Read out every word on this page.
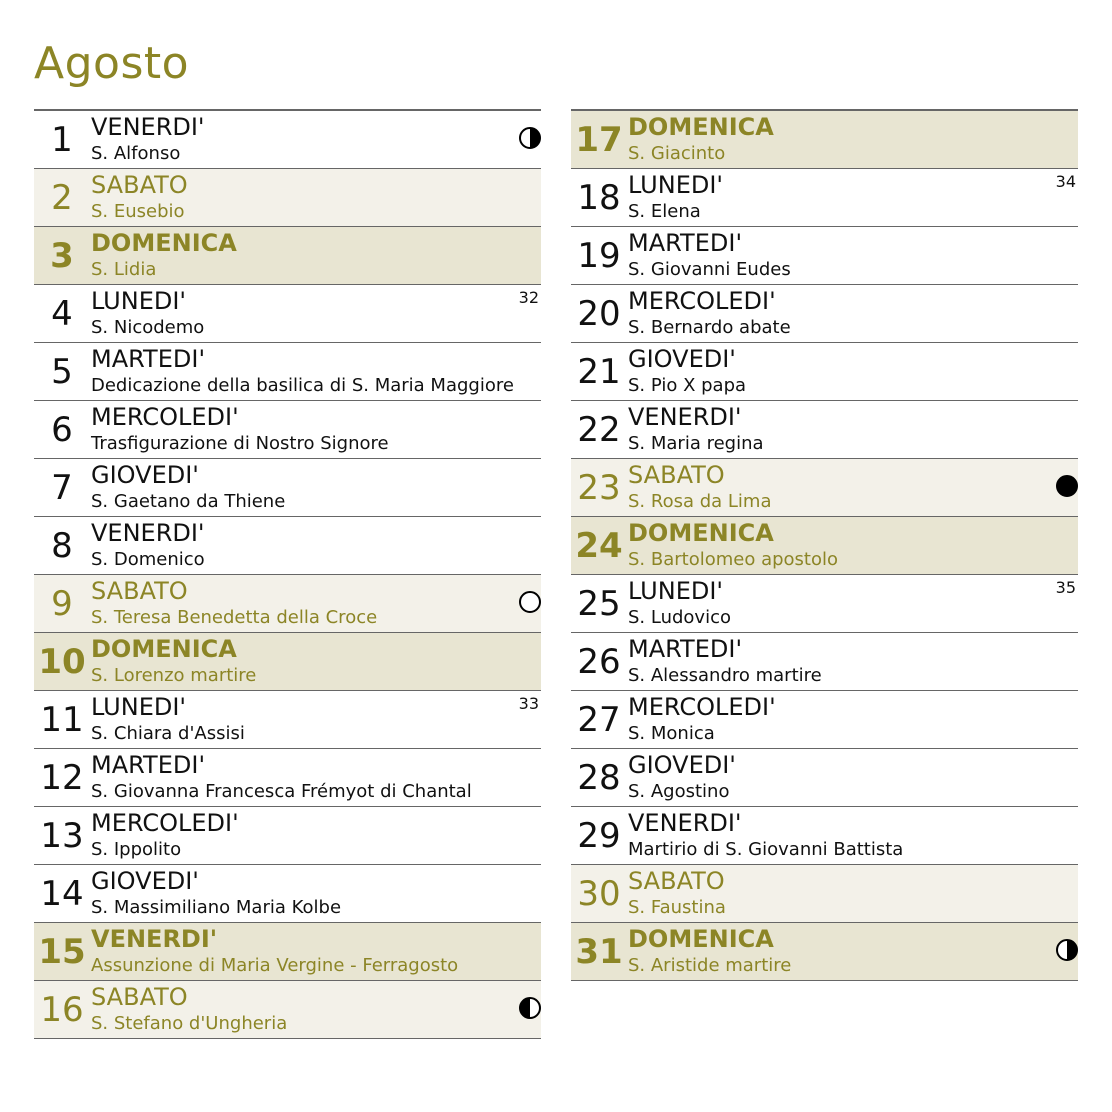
Agosto
1 VENERDI'
S. Alfonso
2 SABATO
S. Eusebio
3 DOMENICA
S. Lidia
4 LUNEDI'
S. Nicodemo
32
5 MARTEDI'
Dedicazione della basilica di S. Maria Maggiore
6 MERCOLEDI'
Trasfigurazione di Nostro Signore
7 GIOVEDI'
S. Gaetano da Thiene
8 VENERDI'
S. Domenico
9 SABATO
S. Teresa Benedetta della Croce
10 DOMENICA
S. Lorenzo martire
11 LUNEDI'
S. Chiara d'Assisi
33
12 MARTEDI'
S. Giovanna Francesca Frémyot di Chantal
13 MERCOLEDI'
S. Ippolito
14 GIOVEDI'
S. Massimiliano Maria Kolbe
15 VENERDI'
Assunzione di Maria Vergine - Ferragosto
16 SABATO
S. Stefano d'Ungheria
17 DOMENICA
S. Giacinto
18 LUNEDI'
S. Elena
34
19 MARTEDI'
S. Giovanni Eudes
20 MERCOLEDI'
S. Bernardo abate
21 GIOVEDI'
S. Pio X papa
22 VENERDI'
S. Maria regina
23 SABATO
S. Rosa da Lima
24 DOMENICA
S. Bartolomeo apostolo
25 LUNEDI'
S. Ludovico
35
26 MARTEDI'
S. Alessandro martire
27 MERCOLEDI'
S. Monica
28 GIOVEDI'
S. Agostino
29 VENERDI'
Martirio di S. Giovanni Battista
30 SABATO
S. Faustina
31 DOMENICA
S. Aristide martire
